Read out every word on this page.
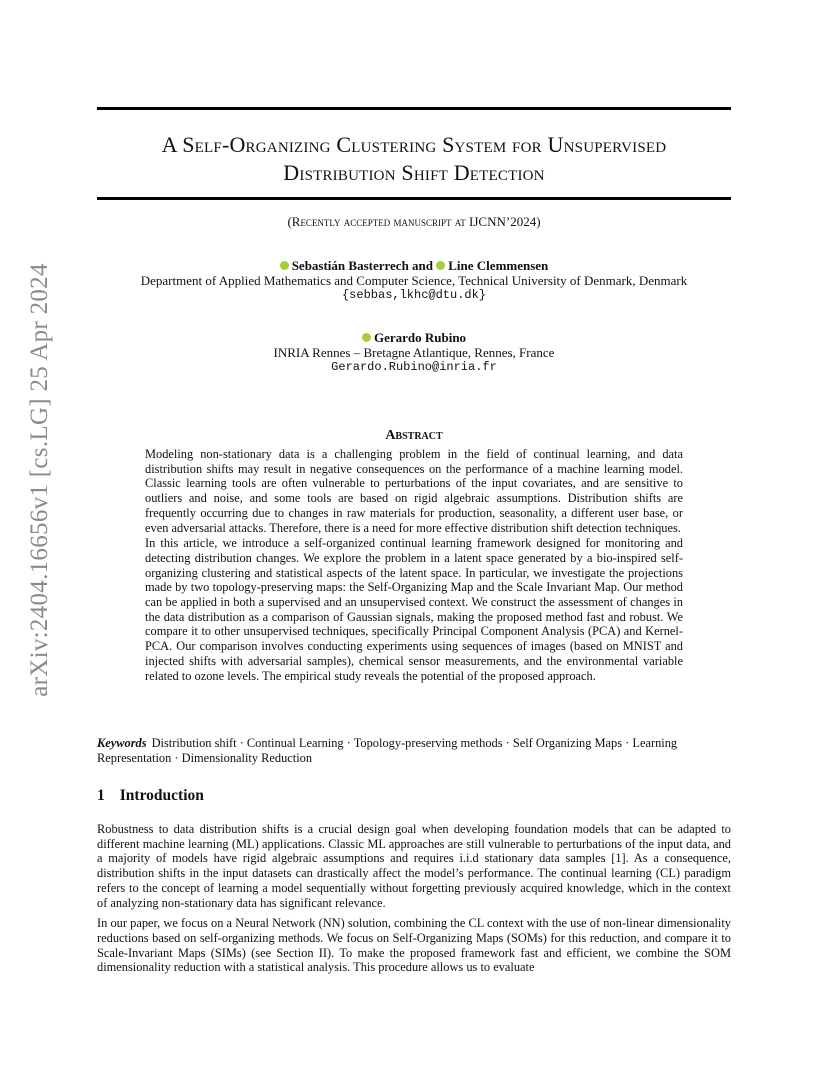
arXiv:2404.16656v1 [cs.LG] 25 Apr 2024
A Self-Organizing Clustering System for Unsupervised
Distribution Shift Detection
(Recently accepted manuscript at IJCNN’2024)
Sebastián Basterrech and Line Clemmensen
Department of Applied Mathematics and Computer Science, Technical University of Denmark, Denmark
{sebbas,lkhc@dtu.dk}
Gerardo Rubino
INRIA Rennes – Bretagne Atlantique, Rennes, France
Gerardo.Rubino@inria.fr
Abstract

Modeling non-stationary data is a challenging problem in the field of continual learning, and data distribution shifts may result in negative consequences on the performance of a machine learning model. Classic learning tools are often vulnerable to perturbations of the input covariates, and are sensitive to outliers and noise, and some tools are based on rigid algebraic assumptions. Distribution shifts are frequently occurring due to changes in raw materials for production, seasonality, a different user base, or even adversarial attacks. Therefore, there is a need for more effective distribution shift detection techniques.

In this article, we introduce a self-organized continual learning framework designed for monitoring and detecting distribution changes. We explore the problem in a latent space generated by a bio-inspired self-organizing clustering and statistical aspects of the latent space. In particular, we investigate the projections made by two topology-preserving maps: the Self-Organizing Map and the Scale Invariant Map. Our method can be applied in both a supervised and an unsupervised context. We construct the assessment of changes in the data distribution as a comparison of Gaussian signals, making the proposed method fast and robust. We compare it to other unsupervised techniques, specifically Principal Component Analysis (PCA) and Kernel-PCA. Our comparison involves conducting experiments using sequences of images (based on MNIST and injected shifts with adversarial samples), chemical sensor measurements, and the environmental variable related to ozone levels. The empirical study reveals the potential of the proposed approach.

Keywords Distribution shift · Continual Learning · Topology-preserving methods · Self Organizing Maps · Learning Representation · Dimensionality Reduction
1 Introduction

Robustness to data distribution shifts is a crucial design goal when developing foundation models that can be adapted to different machine learning (ML) applications. Classic ML approaches are still vulnerable to perturbations of the input data, and a majority of models have rigid algebraic assumptions and requires i.i.d stationary data samples [1]. As a consequence, distribution shifts in the input datasets can drastically affect the model’s performance. The continual learning (CL) paradigm refers to the concept of learning a model sequentially without forgetting previously acquired knowledge, which in the context of analyzing non-stationary data has significant relevance.

In our paper, we focus on a Neural Network (NN) solution, combining the CL context with the use of non-linear dimensionality reductions based on self-organizing methods. We focus on Self-Organizing Maps (SOMs) for this reduction, and compare it to Scale-Invariant Maps (SIMs) (see Section II). To make the proposed framework fast and efficient, we combine the SOM dimensionality reduction with a statistical analysis. This procedure allows us to evaluate
